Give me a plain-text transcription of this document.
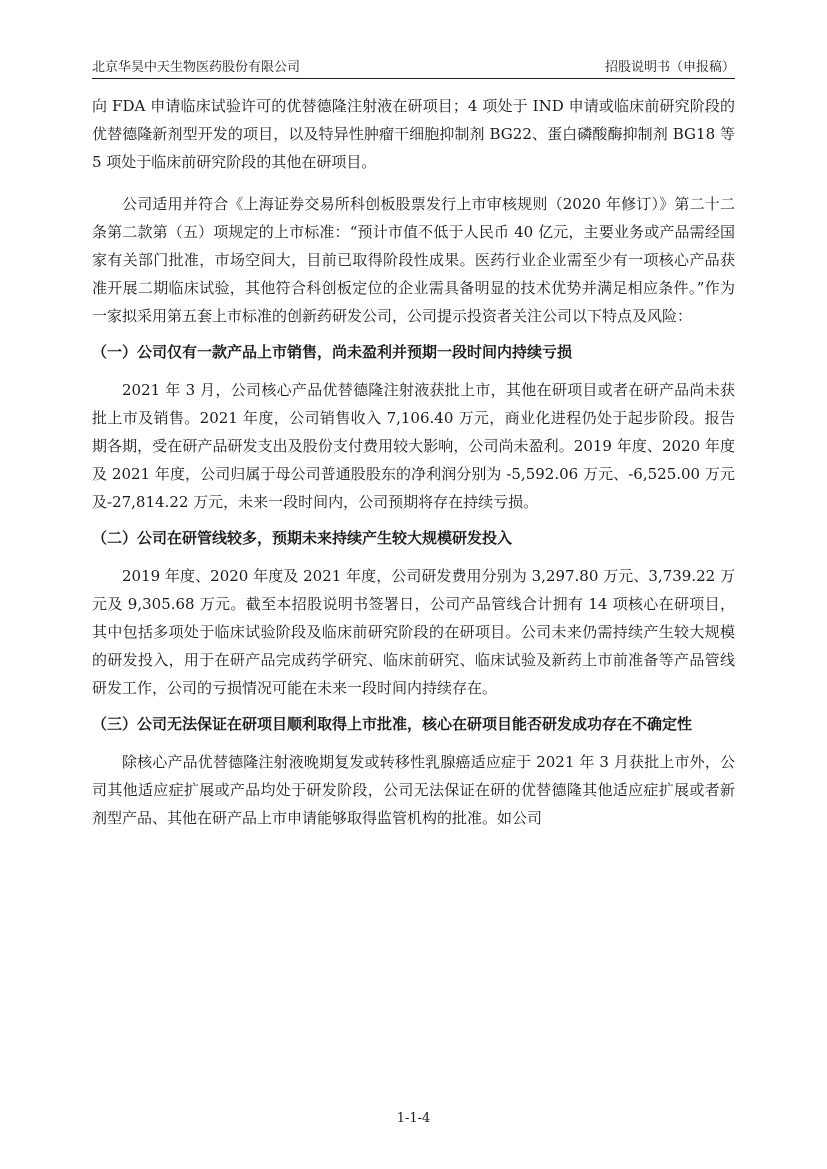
北京华昊中天生物医药股份有限公司	招股说明书（申报稿）

向 FDA 申请临床试验许可的优替德隆注射液在研项目；4 项处于 IND 申请或临床前研究阶段的优替德隆新剂型开发的项目，以及特异性肿瘤干细胞抑制剂 BG22、蛋白磷酸酶抑制剂 BG18 等 5 项处于临床前研究阶段的其他在研项目。

公司适用并符合《上海证券交易所科创板股票发行上市审核规则（2020 年修订）》第二十二条第二款第（五）项规定的上市标准：“预计市值不低于人民币 40 亿元，主要业务或产品需经国家有关部门批准，市场空间大，目前已取得阶段性成果。医药行业企业需至少有一项核心产品获准开展二期临床试验，其他符合科创板定位的企业需具备明显的技术优势并满足相应条件。”作为一家拟采用第五套上市标准的创新药研发公司，公司提示投资者关注公司以下特点及风险：

（一）公司仅有一款产品上市销售，尚未盈利并预期一段时间内持续亏损

2021 年 3 月，公司核心产品优替德隆注射液获批上市，其他在研项目或者在研产品尚未获批上市及销售。2021 年度，公司销售收入 7,106.40 万元，商业化进程仍处于起步阶段。报告期各期，受在研产品研发支出及股份支付费用较大影响，公司尚未盈利。2019 年度、2020 年度及 2021 年度，公司归属于母公司普通股股东的净利润分别为 -5,592.06 万元、-6,525.00 万元及-27,814.22 万元，未来一段时间内，公司预期将存在持续亏损。

（二）公司在研管线较多，预期未来持续产生较大规模研发投入

2019 年度、2020 年度及 2021 年度，公司研发费用分别为 3,297.80 万元、3,739.22 万元及 9,305.68 万元。截至本招股说明书签署日，公司产品管线合计拥有 14 项核心在研项目，其中包括多项处于临床试验阶段及临床前研究阶段的在研项目。公司未来仍需持续产生较大规模的研发投入，用于在研产品完成药学研究、临床前研究、临床试验及新药上市前准备等产品管线研发工作，公司的亏损情况可能在未来一段时间内持续存在。

（三）公司无法保证在研项目顺利取得上市批准，核心在研项目能否研发成功存在不确定性

除核心产品优替德隆注射液晚期复发或转移性乳腺癌适应症于 2021 年 3 月获批上市外，公司其他适应症扩展或产品均处于研发阶段，公司无法保证在研的优替德隆其他适应症扩展或者新剂型产品、其他在研产品上市申请能够取得监管机构的批准。如公司

1-1-4
